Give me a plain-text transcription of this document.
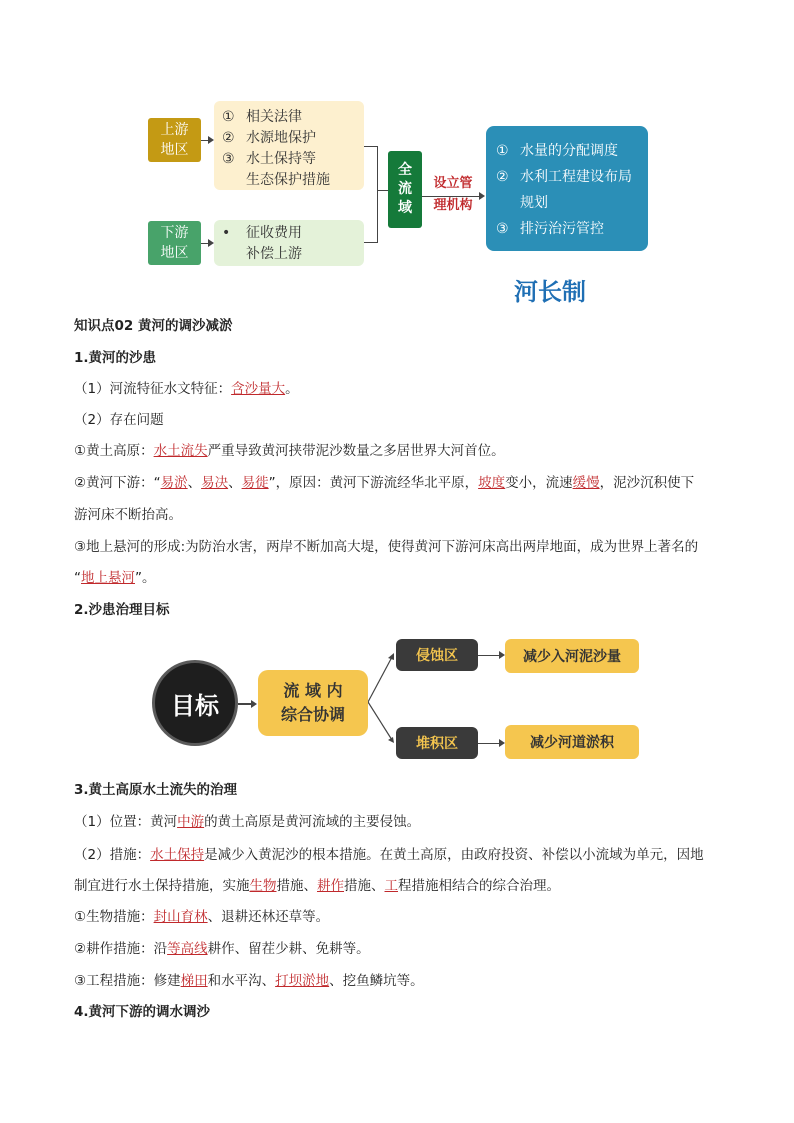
上游
地区
① 相关法律
② 水源地保护
③ 水土保持等
生态保护措施
下游
地区
•	征收费用
补偿上游
全
流
域
设立管
理机构
① 水量的分配调度
② 水利工程建设布局
规划
③ 排污治污管控
河长制
知识点02 黄河的调沙减淤
1.黄河的沙患
（1）河流特征水文特征：含沙量大。
（2）存在问题
①黄土高原：水土流失严重导致黄河挟带泥沙数量之多居世界大河首位。
②黄河下游：“易淤、易决、易徙”，原因：黄河下游流经华北平原，坡度变小，流速缓慢，泥沙沉积使下
游河床不断抬高。
③地上悬河的形成:为防治水害，两岸不断加高大堤，使得黄河下游河床高出两岸地面，成为世界上著名的
“地上悬河”。
2.沙患治理目标
目标
流 域 内
综合协调
侵蚀区
堆积区
减少入河泥沙量
减少河道淤积
3.黄土高原水土流失的治理
（1）位置：黄河中游的黄土高原是黄河流域的主要侵蚀。
（2）措施：水土保持是减少入黄泥沙的根本措施。在黄土高原，由政府投资、补偿以小流域为单元，因地
制宜进行水土保持措施，实施生物措施、耕作措施、工程措施相结合的综合治理。
①生物措施：封山育林、退耕还林还草等。
②耕作措施：沿等高线耕作、留茬少耕、免耕等。
③工程措施：修建梯田和水平沟、打坝淤地、挖鱼鳞坑等。
4.黄河下游的调水调沙
